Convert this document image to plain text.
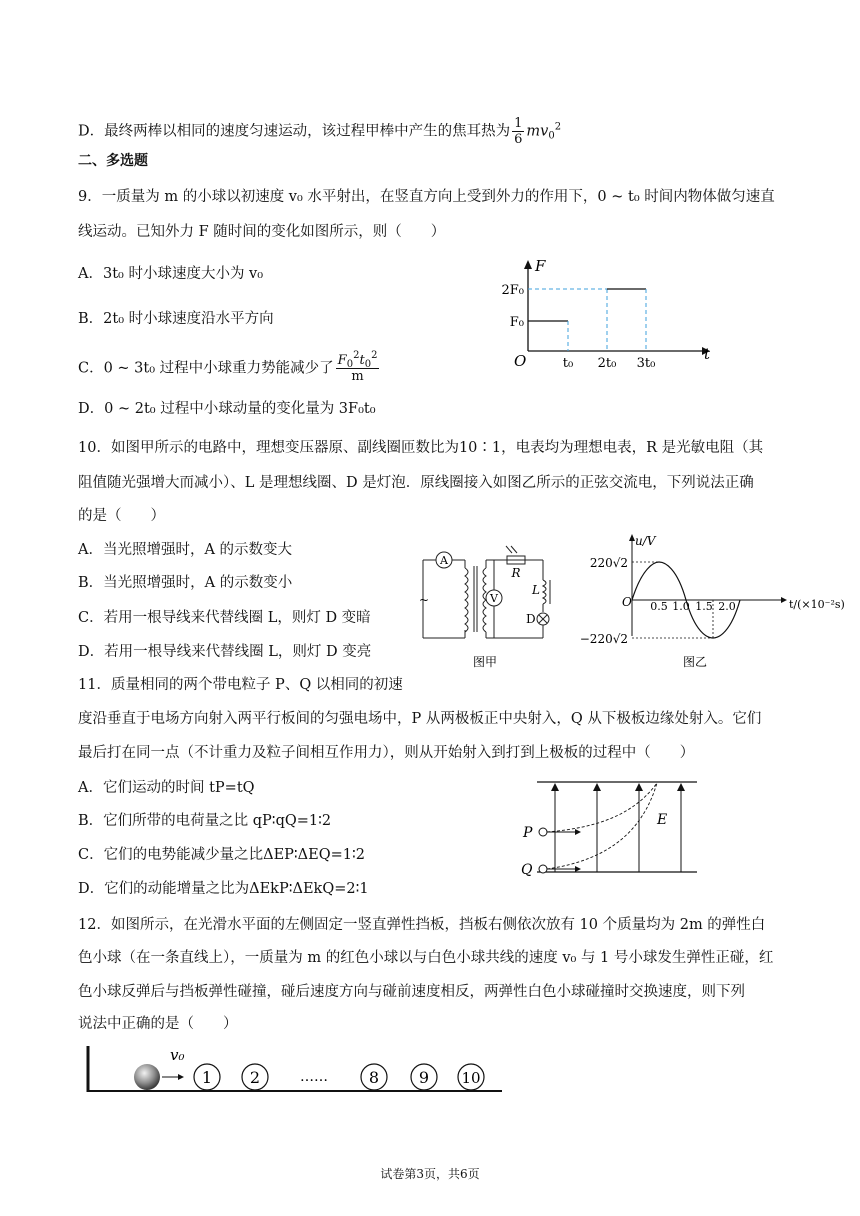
D．最终两棒以相同的速度匀速运动，该过程甲棒中产生的焦耳热为 $\frac{1}{6} mv_0^2$
二、多选题
9．一质量为 m 的小球以初速度 v₀ 水平射出，在竖直方向上受到外力的作用下，0 ~ t₀ 时间内物体做匀速直
线运动。已知外力 F 随时间的变化如图所示，则（　　）
A．3t₀ 时小球速度大小为 v₀
B．2t₀ 时小球速度沿水平方向
C．0 ~ 3t₀ 过程中小球重力势能减少了 $\frac{F_0^2t_0^2}{m}$
D．0 ~ 2t₀ 过程中小球动量的变化量为 3F₀t₀
F
t
O
2F₀
F₀
t₀ 2t₀ 3t₀
10．如图甲所示的电路中，理想变压器原、副线圈匝数比为10∶1，电表均为理想电表，R 是光敏电阻（其
阻值随光强增大而减小）、L 是理想线圈、D 是灯泡．原线圈接入如图乙所示的正弦交流电，下列说法正确
的是（　　）
A．当光照增强时，A 的示数变大
B．当光照增强时，A 的示数变小
C．若用一根导线来代替线圈 L，则灯 D 变暗
D．若用一根导线来代替线圈 L，则灯 D 变亮
A
V
R
L
D
~
图甲
u/V
t/(×10⁻²s)
O
220√2
−220√2
0.5 1.0 1.5 2.0
图乙
11．质量相同的两个带电粒子 P、Q 以相同的初速
度沿垂直于电场方向射入两平行板间的匀强电场中，P 从两极板正中央射入，Q 从下极板边缘处射入。它们
最后打在同一点（不计重力及粒子间相互作用力），则从开始射入到打到上极板的过程中（　　）
A．它们运动的时间 tP=tQ
B．它们所带的电荷量之比 qP∶qQ=1∶2
C．它们的电势能减少量之比ΔEP∶ΔEQ=1∶2
D．它们的动能增量之比为ΔEkP∶ΔEkQ=2∶1
E
P
Q
12．如图所示，在光滑水平面的左侧固定一竖直弹性挡板，挡板右侧依次放有 10 个质量均为 2m 的弹性白
色小球（在一条直线上），一质量为 m 的红色小球以与白色小球共线的速度 v₀ 与 1 号小球发生弹性正碰，红
色小球反弹后与挡板弹性碰撞，碰后速度方向与碰前速度相反，两弹性白色小球碰撞时交换速度，则下列
说法中正确的是（　　）
v₀
1 2	8 9 10
……
试卷第3页，共6页
